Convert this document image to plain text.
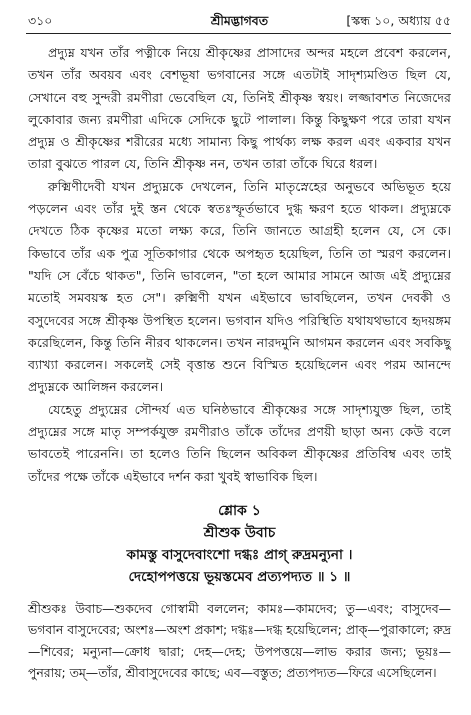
৩১০	শ্রীমদ্ভাগবত	[স্কন্ধ ১০, অধ্যায় ৫৫

প্রদ্যুম্ন যখন তাঁর পত্নীকে নিয়ে শ্রীকৃষ্ণের প্রাসাদের অন্দর মহলে প্রবেশ করলেন, তখন তাঁর অবয়ব এবং বেশভূষা ভগবানের সঙ্গে এতটাই সাদৃশ্যমণ্ডিত ছিল যে, সেখানে বহু সুন্দরী রমণীরা ভেবেছিল যে, তিনিই শ্রীকৃষ্ণ স্বয়ং। লজ্জাবশত নিজেদের লুকোবার জন্য রমণীরা এদিকে সেদিকে ছুটে পালাল। কিন্তু কিছুক্ষণ পরে তারা যখন প্রদ্যুম্ন ও শ্রীকৃষ্ণের শরীরের মধ্যে সামান্য কিছু পার্থক্য লক্ষ করল এবং একবার যখন তারা বুঝতে পারল যে, তিনি শ্রীকৃষ্ণ নন, তখন তারা তাঁকে ঘিরে ধরল।

রুক্মিণীদেবী যখন প্রদ্যুম্নকে দেখলেন, তিনি মাতৃস্নেহের অনুভবে অভিভূত হয়ে পড়লেন এবং তাঁর দুই স্তন থেকে স্বতঃস্ফূর্তভাবে দুগ্ধ ক্ষরণ হতে থাকল। প্রদ্যুম্নকে দেখতে ঠিক কৃষ্ণের মতো লক্ষ্য করে, তিনি জানতে আগ্রহী হলেন যে, সে কে। কিভাবে তাঁর এক পুত্র সূতিকাগার থেকে অপহৃত হয়েছিল, তিনি তা স্মরণ করলেন। "যদি সে বেঁচে থাকত", তিনি ভাবলেন, "তা হলে আমার সামনে আজ এই প্রদ্যুম্নের মতোই সমবয়স্ক হত সে"। রুক্মিণী যখন এইভাবে ভাবছিলেন, তখন দেবকী ও বসুদেবের সঙ্গে শ্রীকৃষ্ণ উপস্থিত হলেন। ভগবান যদিও পরিস্থিতি যথাযথভাবে হৃদয়ঙ্গম করেছিলেন, কিন্তু তিনি নীরব থাকলেন। তখন নারদমুনি আগমন করলেন এবং সবকিছু ব্যাখ্যা করলেন। সকলেই সেই বৃত্তান্ত শুনে বিস্মিত হয়েছিলেন এবং পরম আনন্দে প্রদ্যুম্নকে আলিঙ্গন করলেন।

যেহেতু প্রদ্যুম্নের সৌন্দর্য এত ঘনিষ্ঠভাবে শ্রীকৃষ্ণের সঙ্গে সাদৃশ্যযুক্ত ছিল, তাই প্রদ্যুম্নের সঙ্গে মাতৃ সম্পর্কযুক্ত রমণীরাও তাঁকে তাঁদের প্রণয়ী ছাড়া অন্য কেউ বলে ভাবতেই পারেননি। তা হলেও তিনি ছিলেন অবিকল শ্রীকৃষ্ণের প্রতিবিম্ব এবং তাই তাঁদের পক্ষে তাঁকে এইভাবে দর্শন করা খুবই স্বাভাবিক ছিল।

শ্লোক ১

শ্রীশুক উবাচ

কামস্তু বাসুদেবাংশো দগ্ধঃ প্রাগ্ রুদ্রমন্যুনা ।

দেহোপপত্তয়ে ভূয়স্তমেব প্রত্যপদ্যত ॥ ১ ॥

শ্রীশুকঃ উবাচ—শুকদেব গোস্বামী বললেন; কামঃ—কামদেব; তু—এবং; বাসুদেব—ভগবান বাসুদেবের; অংশঃ—অংশ প্রকাশ; দগ্ধঃ—দগ্ধ হয়েছিলেন; প্রাক্—পুরাকালে; রুদ্র—শিবের; মন্যুনা—ক্রোধ দ্বারা; দেহ—দেহ; উপপত্তয়ে—লাভ করার জন্য; ভূয়ঃ—পুনরায়; তম্—তাঁর, শ্রীবাসুদেবের কাছে; এব—বস্তুত; প্রত্যপদ্যত—ফিরে এসেছিলেন।
